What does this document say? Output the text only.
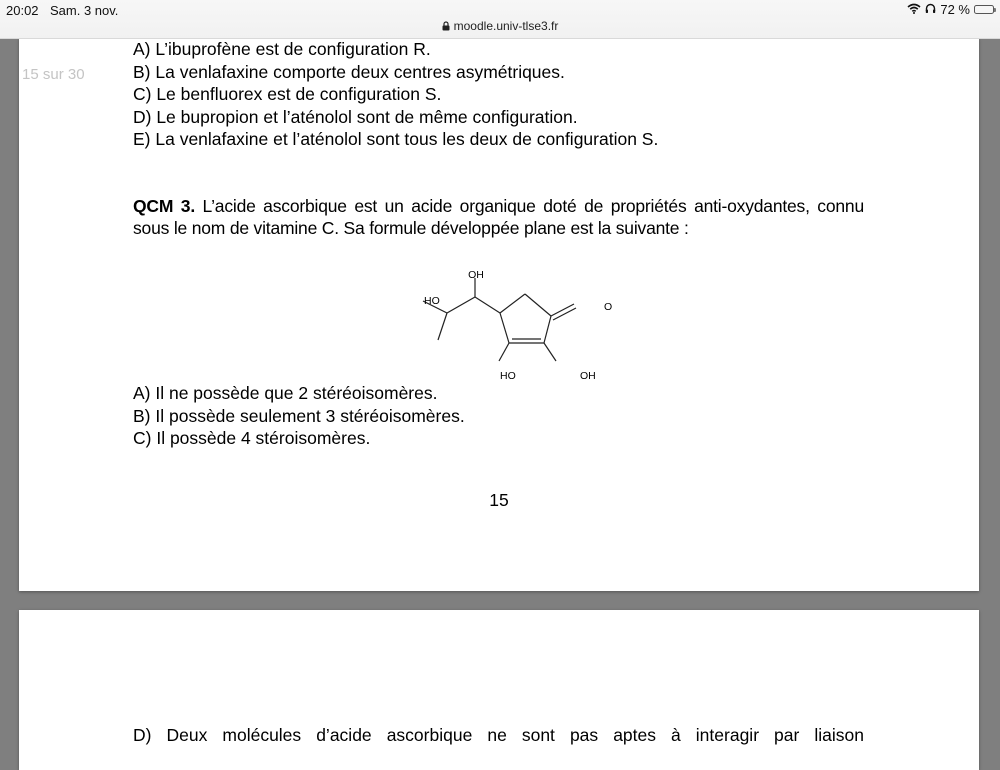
20:02 Sam. 3 nov.	72 %
moodle.univ-tlse3.fr
15 sur 30
A) L’ibuprofène est de configuration R.
B) La venlafaxine comporte deux centres asymétriques.
C) Le benfluorex est de configuration S.
D) Le bupropion et l’aténolol sont de même configuration.
E) La venlafaxine et l’aténolol sont tous les deux de configuration S.
QCM 3. L’acide ascorbique est un acide organique doté de propriétés anti-oxydantes, connu sous le nom de vitamine C. Sa formule développée plane est la suivante :
OH
HO	O
HO	OH
A) Il ne possède que 2 stéréoisomères.
B) Il possède seulement 3 stéréoisomères.
C) Il possède 4 stéroisomères.
15
D) Deux molécules d’acide ascorbique ne sont pas aptes à interagir par liaison
